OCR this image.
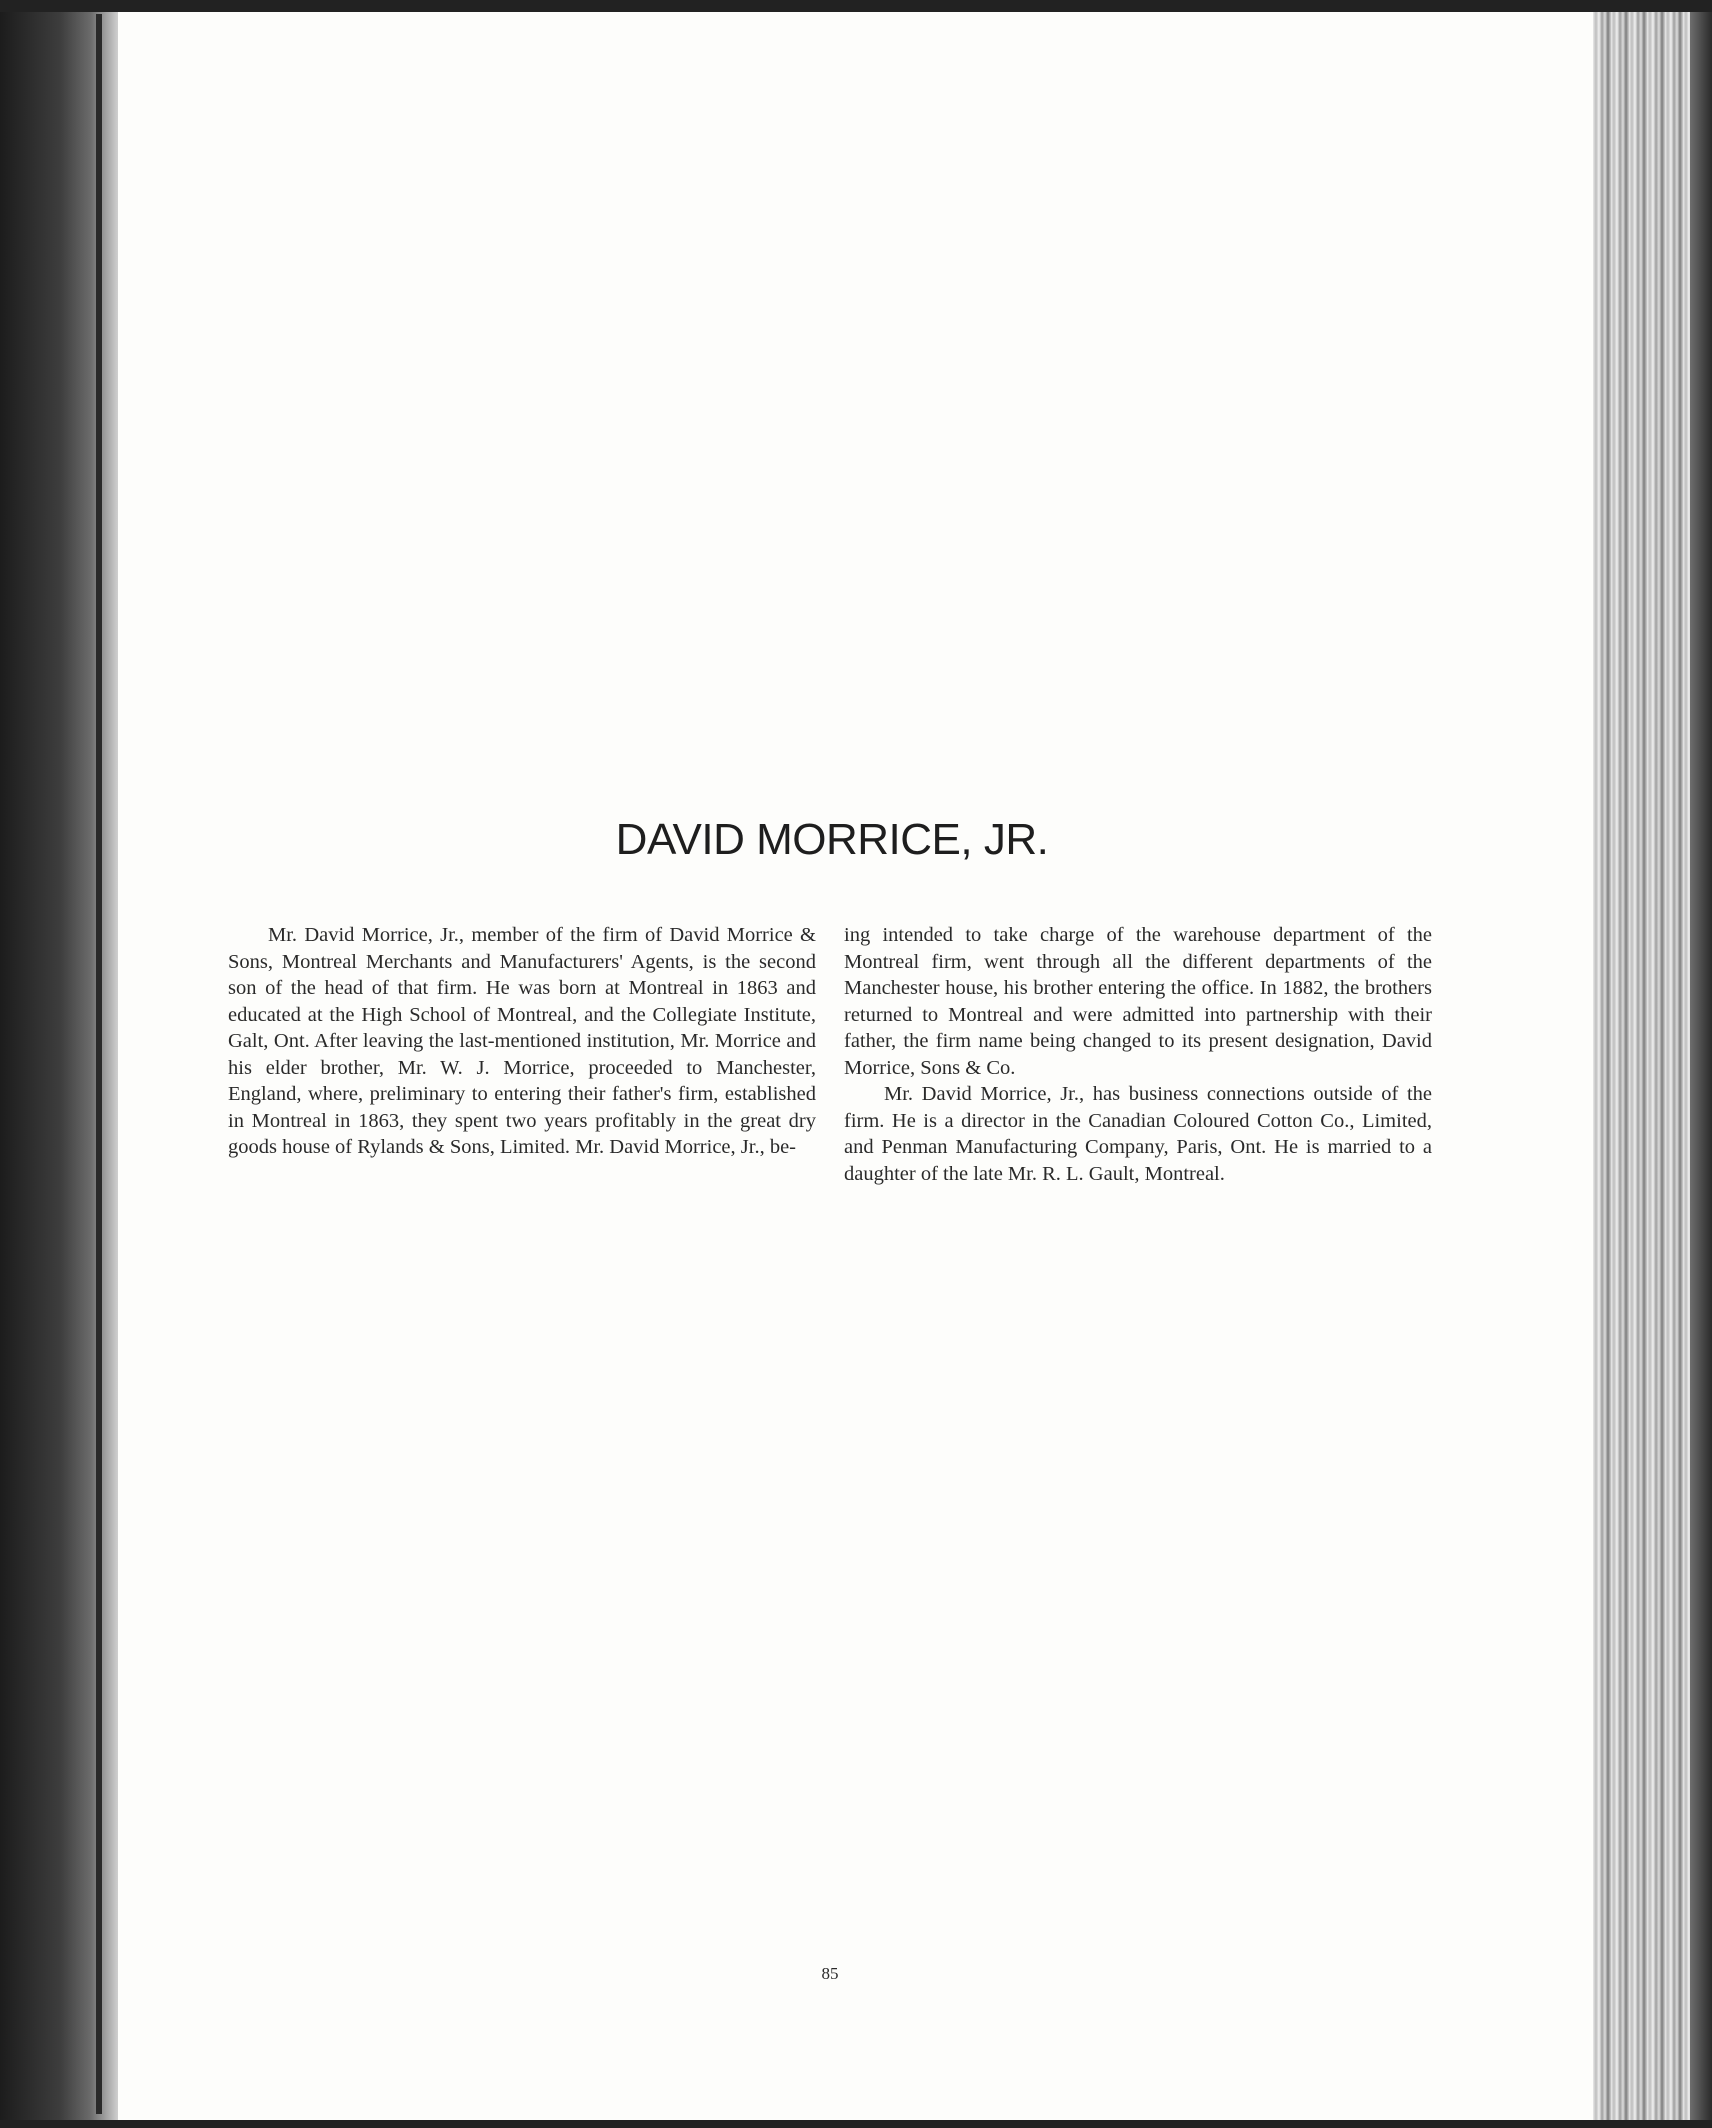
DAVID MORRICE, JR.

Mr. David Morrice, Jr., member of the firm of David Morrice & Sons, Montreal Merchants and Manufacturers' Agents, is the second son of the head of that firm. He was born at Montreal in 1863 and educated at the High School of Montreal, and the Collegiate Institute, Galt, Ont. After leaving the last-mentioned institution, Mr. Morrice and his elder brother, Mr. W. J. Morrice, proceeded to Manchester, England, where, preliminary to entering their father's firm, established in Montreal in 1863, they spent two years profitably in the great dry goods house of Rylands & Sons, Limited. Mr. David Morrice, Jr., be-

ing intended to take charge of the warehouse department of the Montreal firm, went through all the different departments of the Manchester house, his brother entering the office. In 1882, the brothers returned to Montreal and were admitted into partnership with their father, the firm name being changed to its present designation, David Morrice, Sons & Co.

Mr. David Morrice, Jr., has business connections outside of the firm. He is a director in the Canadian Coloured Cotton Co., Limited, and Penman Manufacturing Company, Paris, Ont. He is married to a daughter of the late Mr. R. L. Gault, Montreal.

85
